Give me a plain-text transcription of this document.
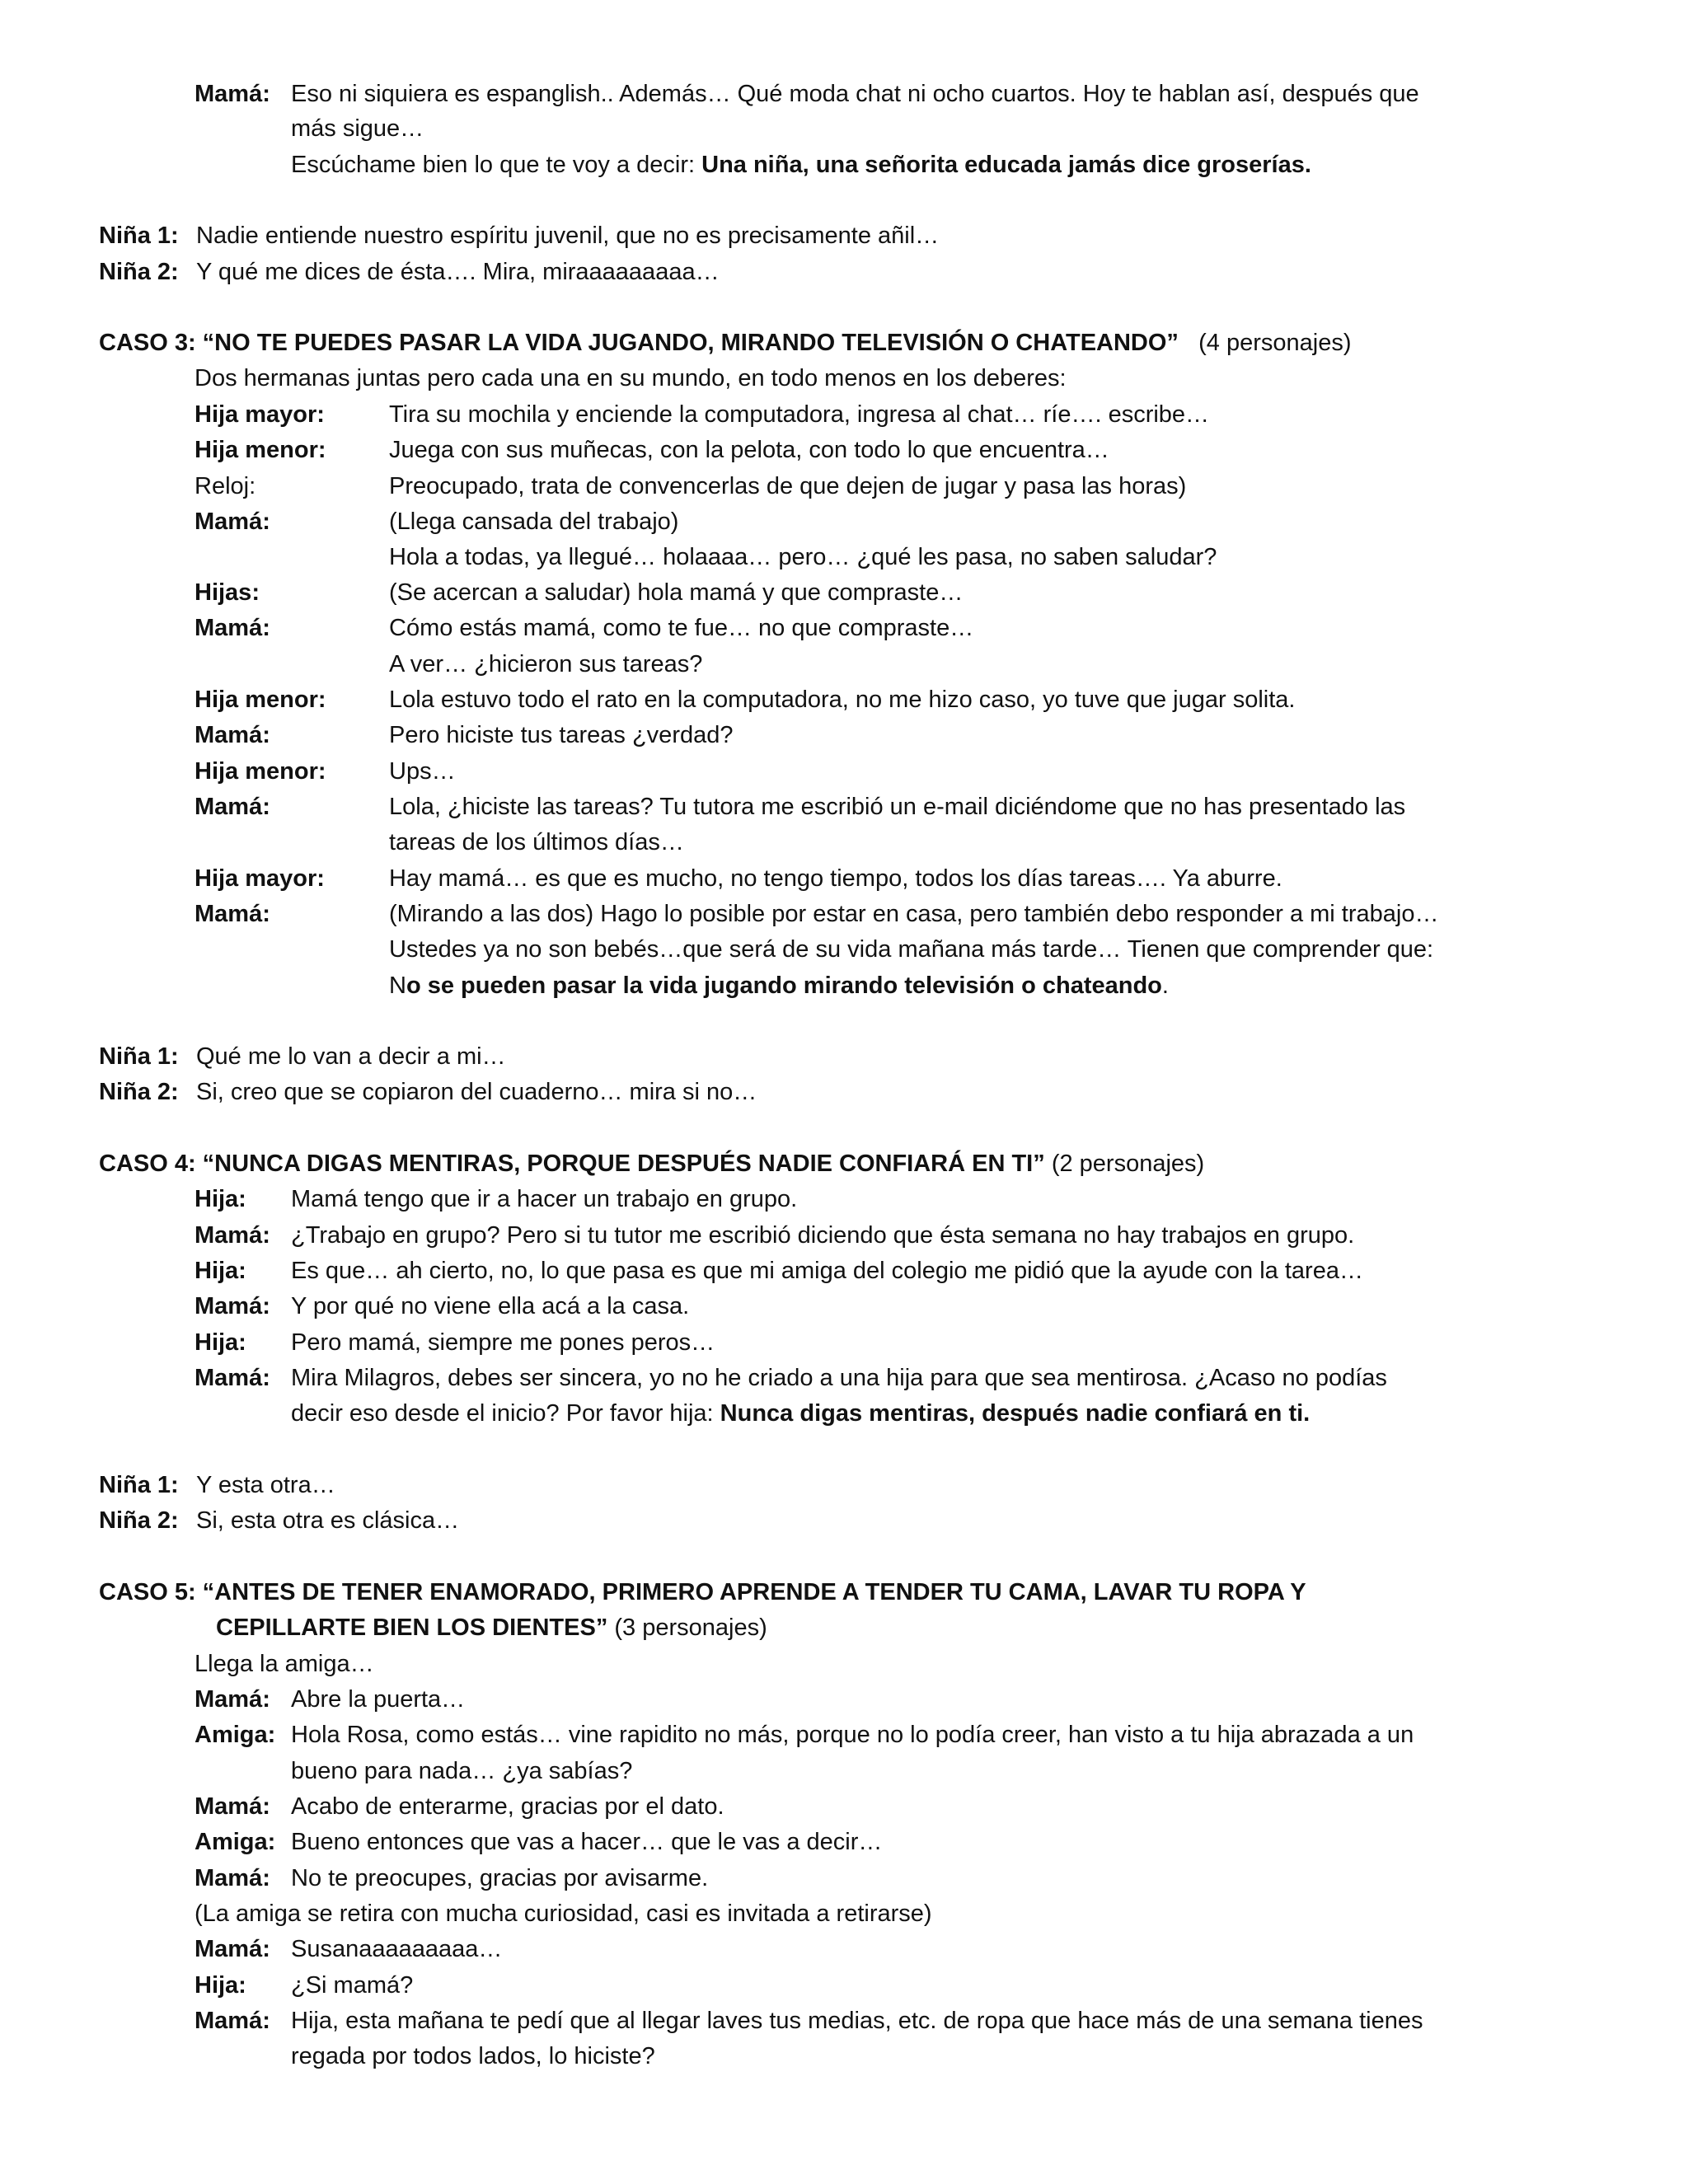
Mamá: Eso ni siquiera es espanglish.. Además… Qué moda chat ni ocho cuartos. Hoy te hablan así, después que
más sigue…
Escúchame bien lo que te voy a decir: Una niña, una señorita educada jamás dice groserías.
Niña 1: Nadie entiende nuestro espíritu juvenil, que no es precisamente añil…
Niña 2: Y qué me dices de ésta…. Mira, miraaaaaaaaa…
CASO 3: “NO TE PUEDES PASAR LA VIDA JUGANDO, MIRANDO TELEVISIÓN O CHATEANDO” (4 personajes)
Dos hermanas juntas pero cada una en su mundo, en todo menos en los deberes:
Hija mayor:	Tira su mochila y enciende la computadora, ingresa al chat… ríe…. escribe…
Hija menor:	Juega con sus muñecas, con la pelota, con todo lo que encuentra…
Reloj:	Preocupado, trata de convencerlas de que dejen de jugar y pasa las horas)
Mamá:	(Llega cansada del trabajo)
Hola a todas, ya llegué… holaaaa… pero… ¿qué les pasa, no saben saludar?
Hijas:	(Se acercan a saludar) hola mamá y que compraste…
Mamá:	Cómo estás mamá, como te fue… no que compraste…
A ver… ¿hicieron sus tareas?
Hija menor:	Lola estuvo todo el rato en la computadora, no me hizo caso, yo tuve que jugar solita.
Mamá:	Pero hiciste tus tareas ¿verdad?
Hija menor:	Ups…
Mamá:	Lola, ¿hiciste las tareas? Tu tutora me escribió un e-mail diciéndome que no has presentado las
tareas de los últimos días…
Hija mayor:	Hay mamá… es que es mucho, no tengo tiempo, todos los días tareas…. Ya aburre.
Mamá:	(Mirando a las dos) Hago lo posible por estar en casa, pero también debo responder a mi trabajo…
Ustedes ya no son bebés…que será de su vida mañana más tarde… Tienen que comprender que:
No se pueden pasar la vida jugando mirando televisión o chateando.
Niña 1: Qué me lo van a decir a mi…
Niña 2: Si, creo que se copiaron del cuaderno… mira si no…
CASO 4: “NUNCA DIGAS MENTIRAS, PORQUE DESPUÉS NADIE CONFIARÁ EN TI” (2 personajes)
Hija: Mamá tengo que ir a hacer un trabajo en grupo.
Mamá: ¿Trabajo en grupo? Pero si tu tutor me escribió diciendo que ésta semana no hay trabajos en grupo.
Hija: Es que… ah cierto, no, lo que pasa es que mi amiga del colegio me pidió que la ayude con la tarea…
Mamá: Y por qué no viene ella acá a la casa.
Hija: Pero mamá, siempre me pones peros…
Mamá: Mira Milagros, debes ser sincera, yo no he criado a una hija para que sea mentirosa. ¿Acaso no podías
decir eso desde el inicio? Por favor hija: Nunca digas mentiras, después nadie confiará en ti.
Niña 1: Y esta otra…
Niña 2: Si, esta otra es clásica…
CASO 5: “ANTES DE TENER ENAMORADO, PRIMERO APRENDE A TENDER TU CAMA, LAVAR TU ROPA Y
CEPILLARTE BIEN LOS DIENTES” (3 personajes)
Llega la amiga…
Mamá: Abre la puerta…
Amiga: Hola Rosa, como estás… vine rapidito no más, porque no lo podía creer, han visto a tu hija abrazada a un
bueno para nada… ¿ya sabías?
Mamá: Acabo de enterarme, gracias por el dato.
Amiga: Bueno entonces que vas a hacer… que le vas a decir…
Mamá: No te preocupes, gracias por avisarme.
(La amiga se retira con mucha curiosidad, casi es invitada a retirarse)
Mamá: Susanaaaaaaaaa…
Hija: ¿Si mamá?
Mamá: Hija, esta mañana te pedí que al llegar laves tus medias, etc. de ropa que hace más de una semana tienes
regada por todos lados, lo hiciste?
